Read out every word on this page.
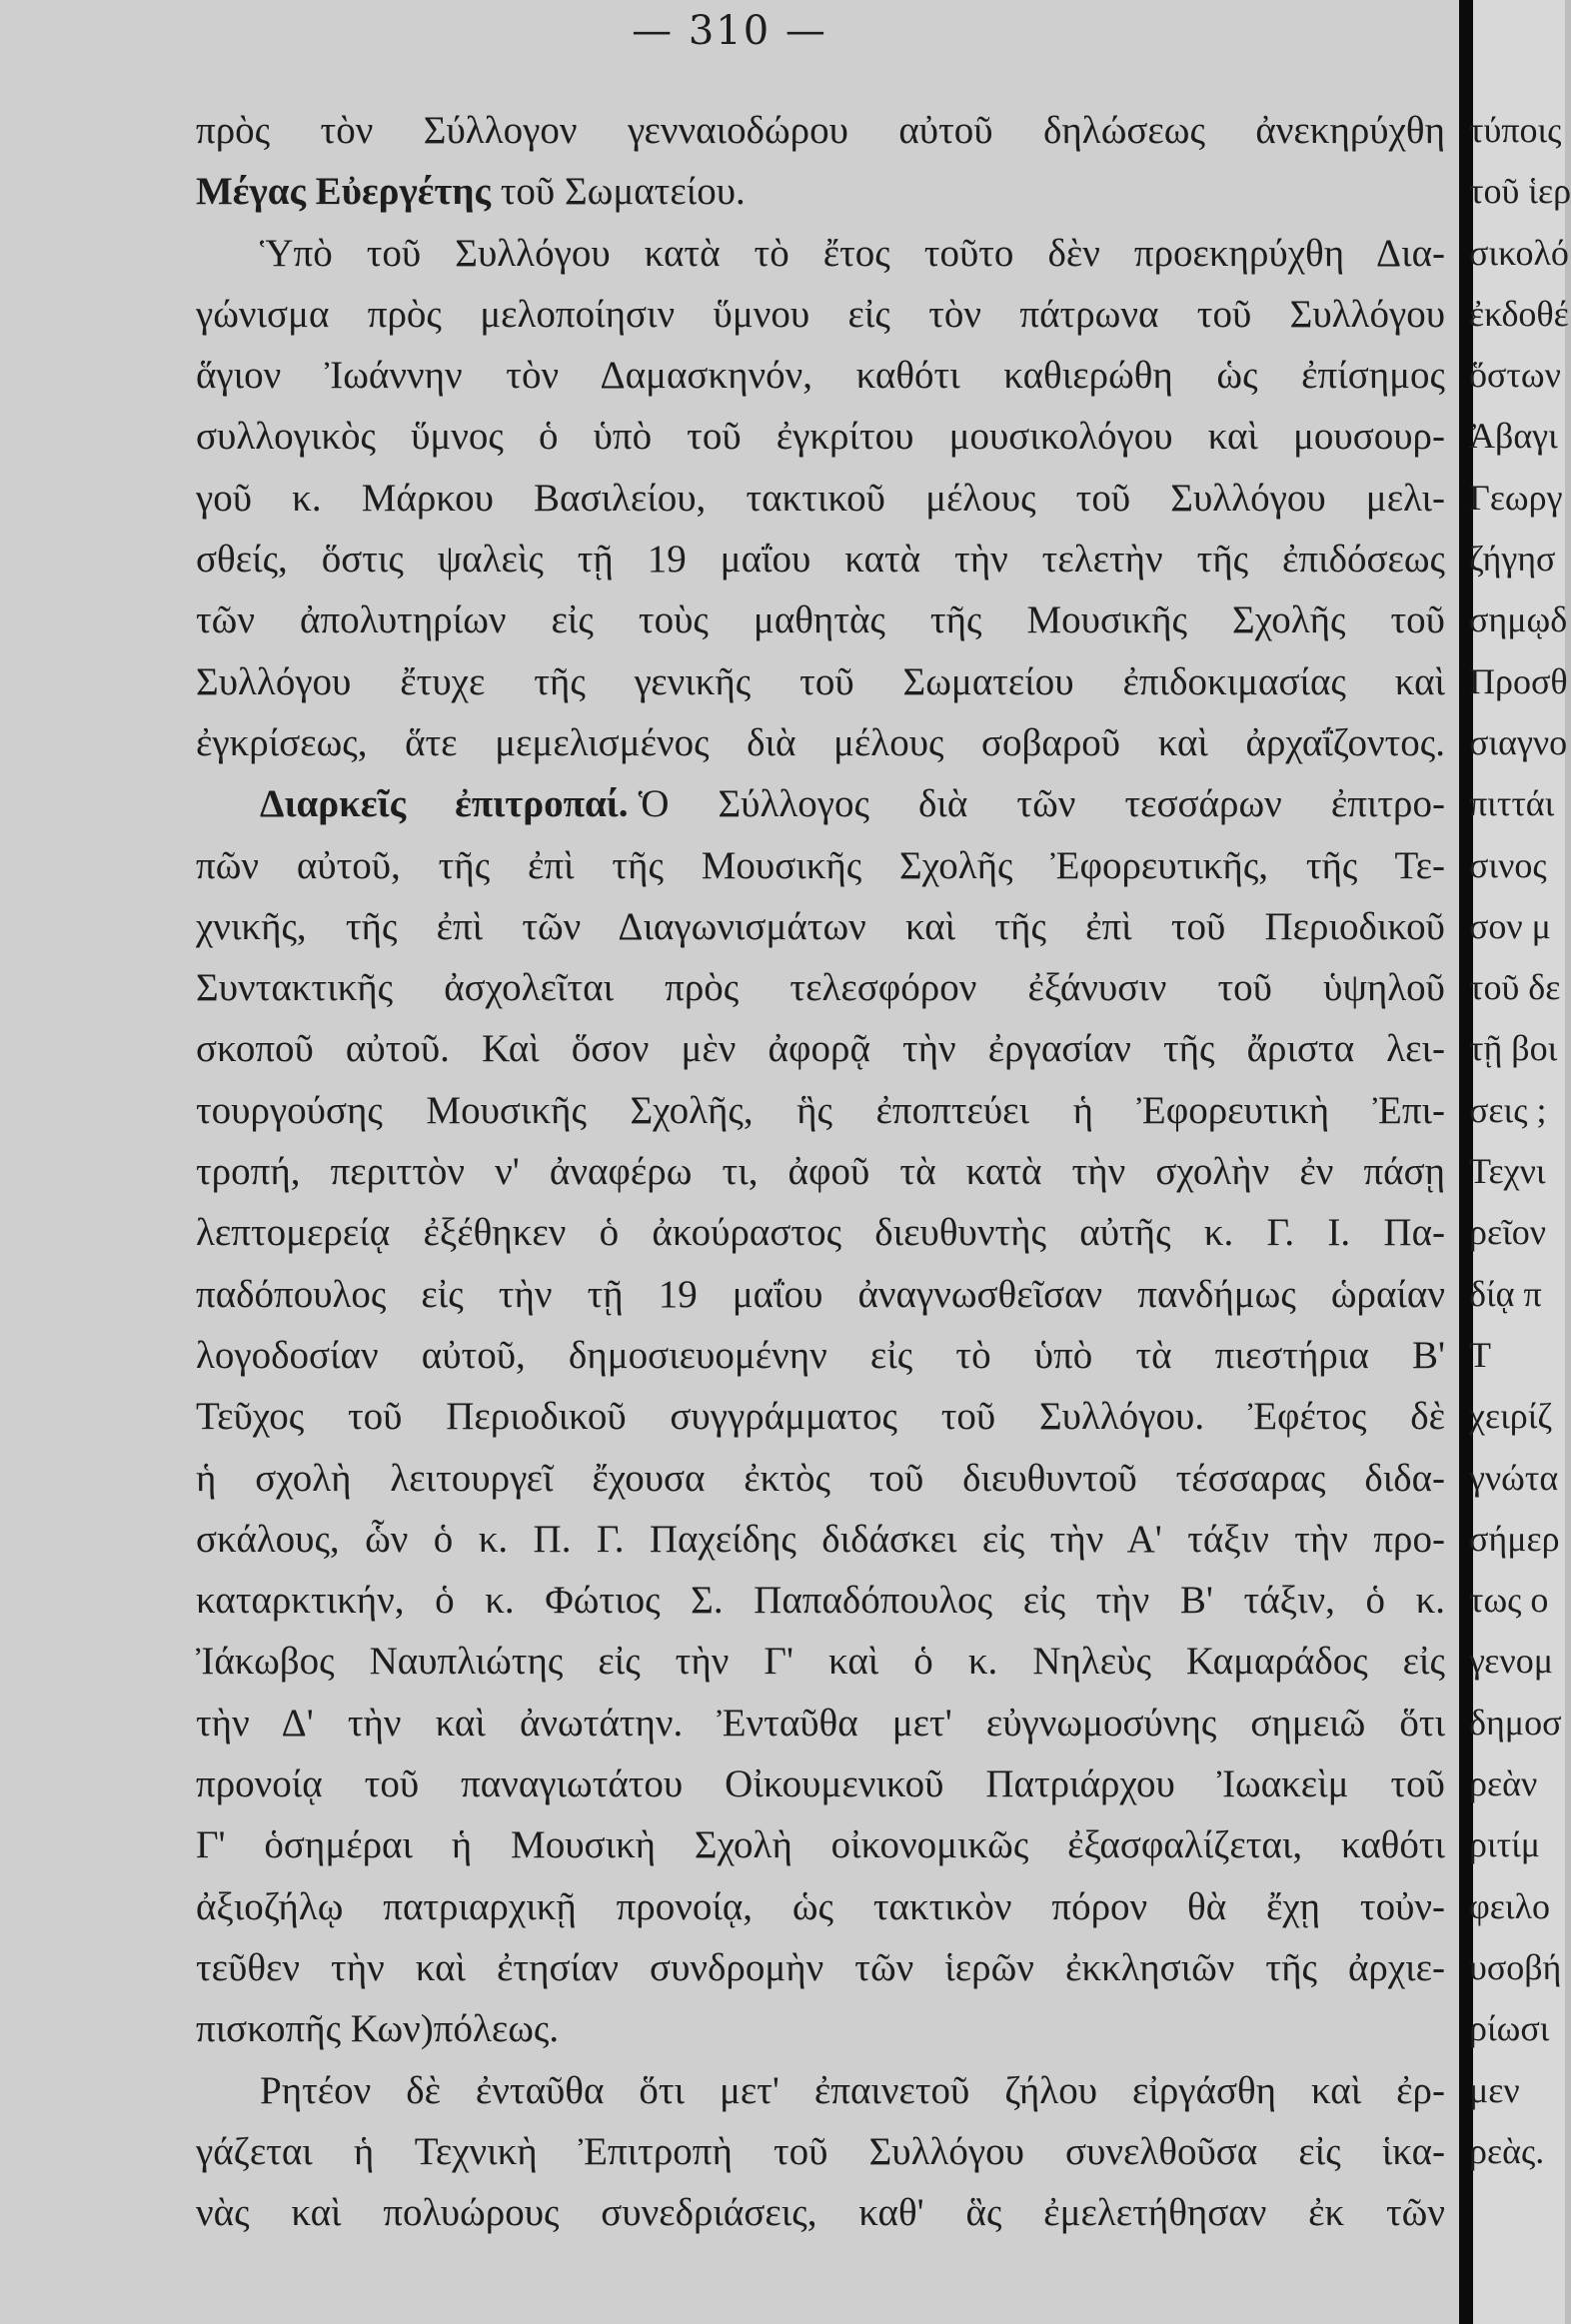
— 310 —
πρὸς τὸν Σύλλογον γενναιοδώρου αὐτοῦ δηλώσεως ἀνεκηρύχθη
Μέγας Εὐεργέτης τοῦ Σωματείου.
Ὑπὸ τοῦ Συλλόγου κατὰ τὸ ἔτος τοῦτο δὲν προεκηρύχθη Δια-
γώνισμα πρὸς μελοποίησιν ὕμνου εἰς τὸν πάτρωνα τοῦ Συλλόγου
ἅγιον Ἰωάννην τὸν Δαμασκηνόν, καθότι καθιερώθη ὡς ἐπίσημος
συλλογικὸς ὕμνος ὁ ὑπὸ τοῦ ἐγκρίτου μουσικολόγου καὶ μουσουρ-
γοῦ κ. Μάρκου Βασιλείου, τακτικοῦ μέλους τοῦ Συλλόγου μελι-
σθείς, ὅστις ψαλεὶς τῇ 19 μαΐου κατὰ τὴν τελετὴν τῆς ἐπιδόσεως
τῶν ἀπολυτηρίων εἰς τοὺς μαθητὰς τῆς Μουσικῆς Σχολῆς τοῦ
Συλλόγου ἔτυχε τῆς γενικῆς τοῦ Σωματείου ἐπιδοκιμασίας καὶ
ἐγκρίσεως, ἅτε μεμελισμένος διὰ μέλους σοβαροῦ καὶ ἀρχαΐζοντος.
Διαρκεῖς ἐπιτροπαί. Ὁ Σύλλογος διὰ τῶν τεσσάρων ἐπιτρο-
πῶν αὐτοῦ, τῆς ἐπὶ τῆς Μουσικῆς Σχολῆς Ἐφορευτικῆς, τῆς Τε-
χνικῆς, τῆς ἐπὶ τῶν Διαγωνισμάτων καὶ τῆς ἐπὶ τοῦ Περιοδικοῦ
Συντακτικῆς ἀσχολεῖται πρὸς τελεσφόρον ἐξάνυσιν τοῦ ὑψηλοῦ
σκοποῦ αὐτοῦ. Καὶ ὅσον μὲν ἀφορᾷ τὴν ἐργασίαν τῆς ἄριστα λει-
τουργούσης Μουσικῆς Σχολῆς, ἣς ἐποπτεύει ἡ Ἐφορευτικὴ Ἐπι-
τροπή, περιττὸν ν' ἀναφέρω τι, ἀφοῦ τὰ κατὰ τὴν σχολὴν ἐν πάσῃ
λεπτομερείᾳ ἐξέθηκεν ὁ ἀκούραστος διευθυντὴς αὐτῆς κ. Γ. Ι. Πα-
παδόπουλος εἰς τὴν τῇ 19 μαΐου ἀναγνωσθεῖσαν πανδήμως ὡραίαν
λογοδοσίαν αὐτοῦ, δημοσιευομένην εἰς τὸ ὑπὸ τὰ πιεστήρια Β'
Τεῦχος τοῦ Περιοδικοῦ συγγράμματος τοῦ Συλλόγου. Ἐφέτος δὲ
ἡ σχολὴ λειτουργεῖ ἔχουσα ἐκτὸς τοῦ διευθυντοῦ τέσσαρας διδα-
σκάλους, ὧν ὁ κ. Π. Γ. Παχείδης διδάσκει εἰς τὴν Α' τάξιν τὴν προ-
καταρκτικήν, ὁ κ. Φώτιος Σ. Παπαδόπουλος εἰς τὴν Β' τάξιν, ὁ κ.
Ἰάκωβος Ναυπλιώτης εἰς τὴν Γ' καὶ ὁ κ. Νηλεὺς Καμαράδος εἰς
τὴν Δ' τὴν καὶ ἀνωτάτην. Ἐνταῦθα μετ' εὐγνωμοσύνης σημειῶ ὅτι
προνοίᾳ τοῦ παναγιωτάτου Οἰκουμενικοῦ Πατριάρχου Ἰωακεὶμ τοῦ
Γ' ὁσημέραι ἡ Μουσικὴ Σχολὴ οἰκονομικῶς ἐξασφαλίζεται, καθότι
ἀξιοζήλῳ πατριαρχικῇ προνοίᾳ, ὡς τακτικὸν πόρον θὰ ἔχῃ τοὐν-
τεῦθεν τὴν καὶ ἐτησίαν συνδρομὴν τῶν ἱερῶν ἐκκλησιῶν τῆς ἀρχιε-
πισκοπῆς Κων)πόλεως.
Ρητέον δὲ ἐνταῦθα ὅτι μετ' ἐπαινετοῦ ζήλου εἰργάσθη καὶ ἐρ-
γάζεται ἡ Τεχνικὴ Ἐπιτροπὴ τοῦ Συλλόγου συνελθοῦσα εἰς ἱκα-
νὰς καὶ πολυώρους συνεδριάσεις, καθ' ἃς ἐμελετήθησαν ἐκ τῶν
τύποις
τοῦ ἱερ
σικολό
ἐκδοθέ
ὅστων
Ἀβαγι
Γεωργ
ζήγησ
σημῳδ
Προσθ
σιαγνο
πιττάι
σινος
σον μ
τοῦ δε
τῇ βοι
σεις ;
Τεχνι
ρεῖον
δίᾳ π
Τ
χειρίζ
γνώτα
σήμερ
τως ο
γενομ
δημοσ
ρεὰν
ριτίμ
φειλο
υσοβή
ρίωσι
μεν
ρεὰς.
